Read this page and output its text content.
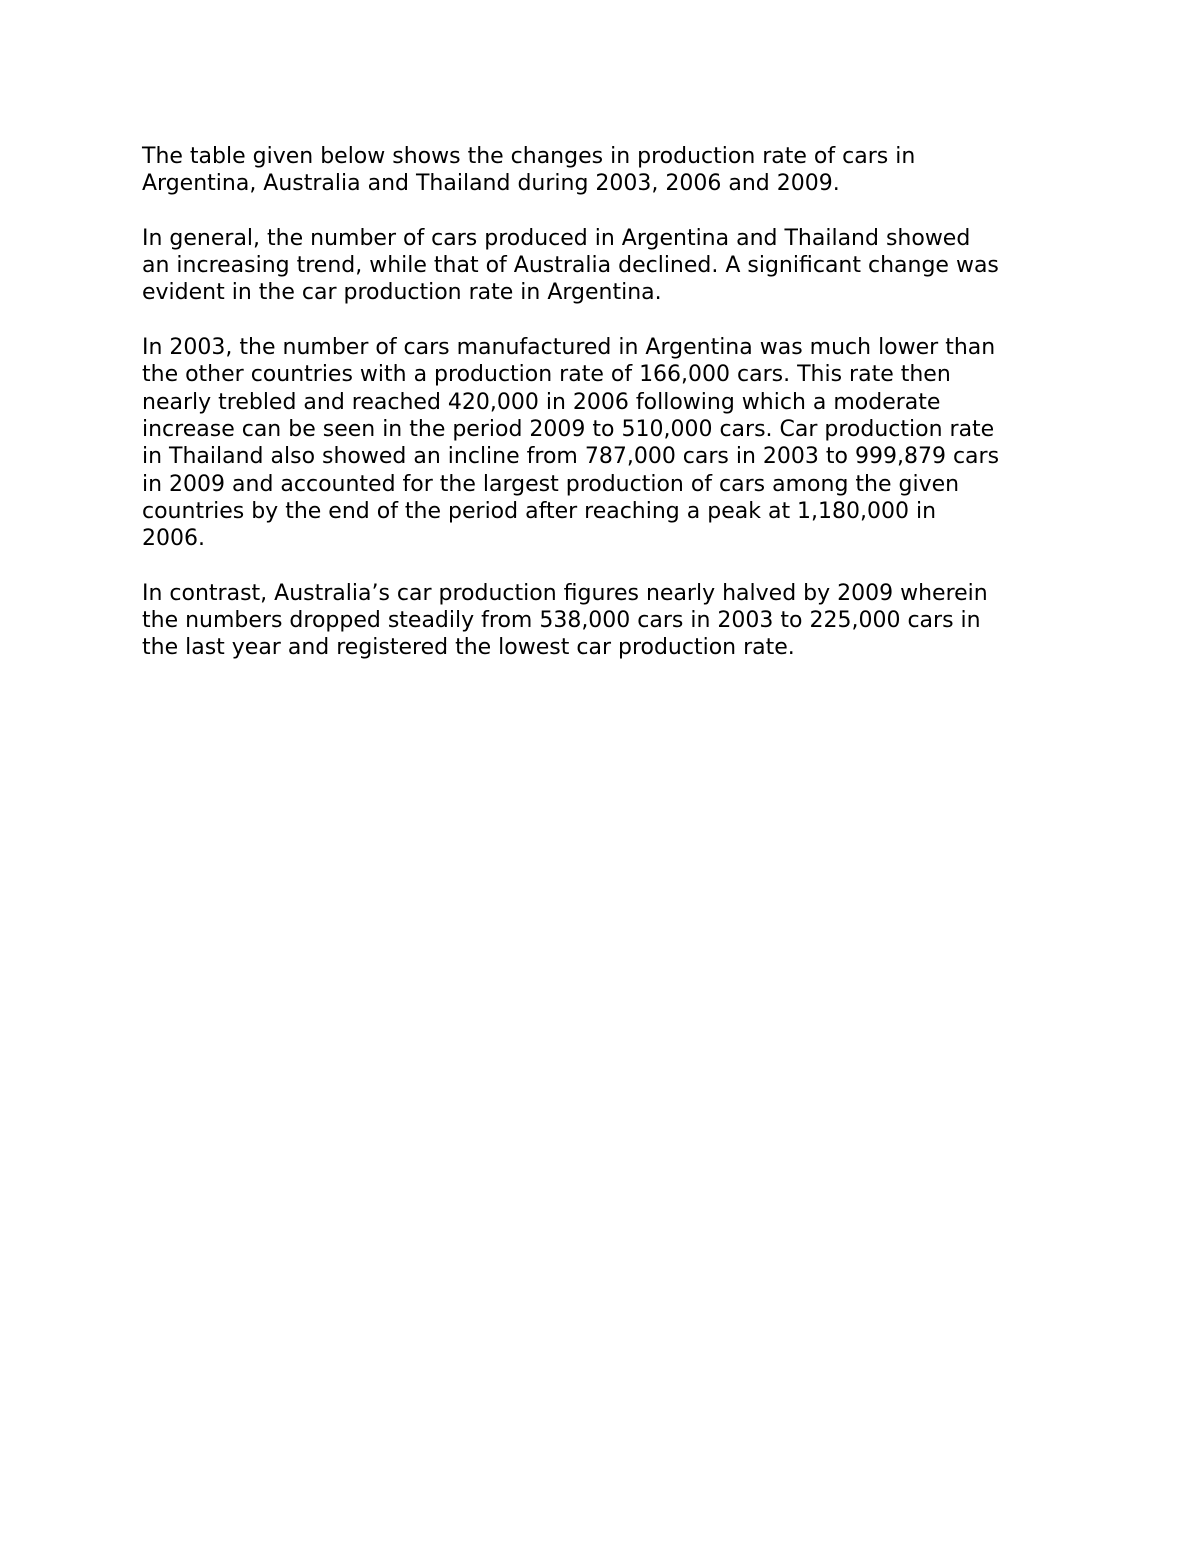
The table given below shows the changes in production rate of cars in
Argentina, Australia and Thailand during 2003, 2006 and 2009.

In general, the number of cars produced in Argentina and Thailand showed
an increasing trend, while that of Australia declined. A significant change was
evident in the car production rate in Argentina.

In 2003, the number of cars manufactured in Argentina was much lower than
the other countries with a production rate of 166,000 cars. This rate then
nearly trebled and reached 420,000 in 2006 following which a moderate
increase can be seen in the period 2009 to 510,000 cars. Car production rate
in Thailand also showed an incline from 787,000 cars in 2003 to 999,879 cars
in 2009 and accounted for the largest production of cars among the given
countries by the end of the period after reaching a peak at 1,180,000 in
2006.

In contrast, Australia’s car production figures nearly halved by 2009 wherein
the numbers dropped steadily from 538,000 cars in 2003 to 225,000 cars in
the last year and registered the lowest car production rate.
